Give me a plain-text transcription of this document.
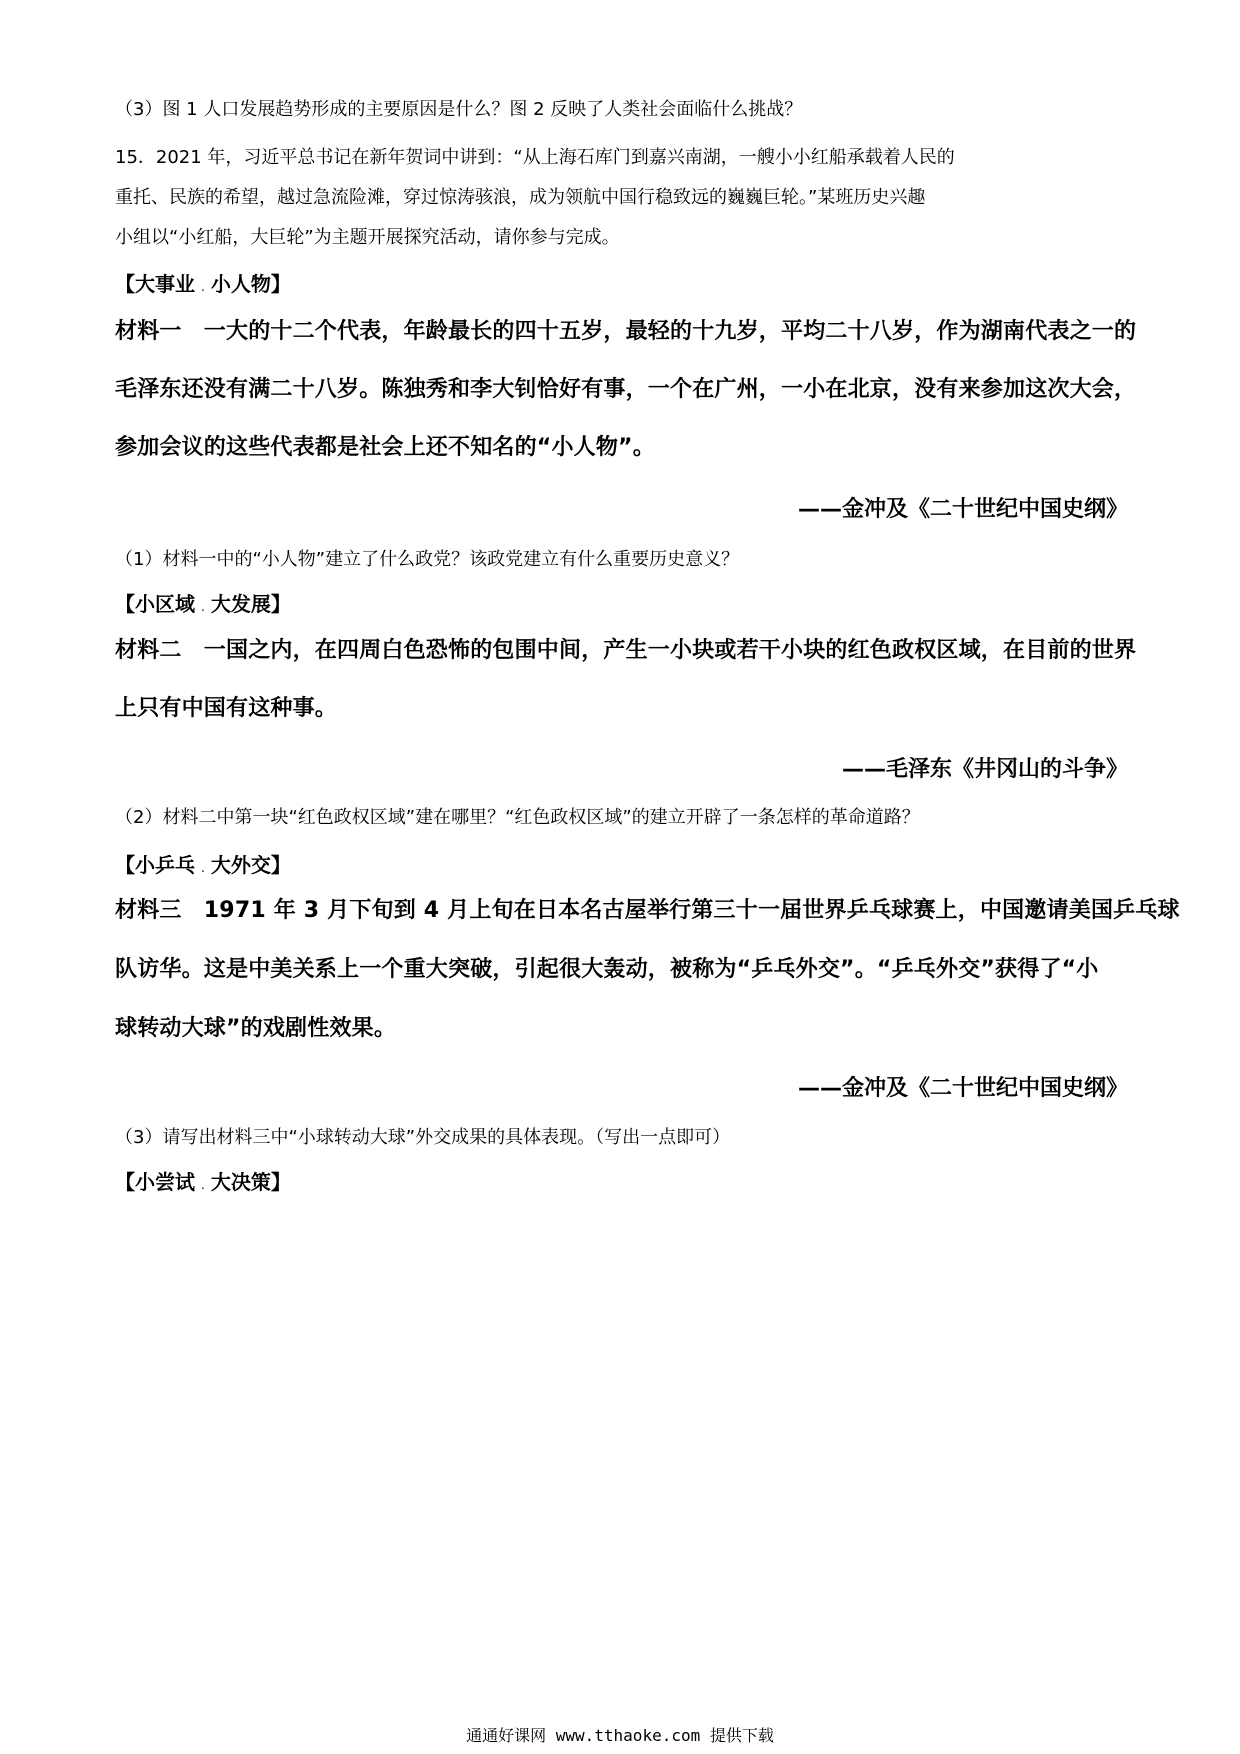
（3）图 1 人口发展趋势形成的主要原因是什么？图 2 反映了人类社会面临什么挑战？
15．2021 年，习近平总书记在新年贺词中讲到：“从上海石库门到嘉兴南湖，一艘小小红船承载着人民的
重托、民族的希望，越过急流险滩，穿过惊涛骇浪，成为领航中国行稳致远的巍巍巨轮。”某班历史兴趣
小组以“小红船，大巨轮”为主题开展探究活动，请你参与完成。
【大事业 . 小人物】
材料一　一大的十二个代表，年龄最长的四十五岁，最轻的十九岁，平均二十八岁，作为湖南代表之一的
毛泽东还没有满二十八岁。陈独秀和李大钊恰好有事，一个在广州，一小在北京，没有来参加这次大会，
参加会议的这些代表都是社会上还不知名的“小人物”。
——金冲及《二十世纪中国史纲》
（1）材料一中的“小人物”建立了什么政党？该政党建立有什么重要历史意义？
【小区域 . 大发展】
材料二　一国之内，在四周白色恐怖的包围中间，产生一小块或若干小块的红色政权区域，在目前的世界
上只有中国有这种事。
——毛泽东《井冈山的斗争》
（2）材料二中第一块“红色政权区域”建在哪里？“红色政权区域”的建立开辟了一条怎样的革命道路？
【小乒乓 . 大外交】
材料三　1971 年 3 月下旬到 4 月上旬在日本名古屋举行第三十一届世界乒乓球赛上，中国邀请美国乒乓球
队访华。这是中美关系上一个重大突破，引起很大轰动，被称为“乒乓外交”。“乒乓外交”获得了“小
球转动大球”的戏剧性效果。
——金冲及《二十世纪中国史纲》
（3）请写出材料三中“小球转动大球”外交成果的具体表现。（写出一点即可）
【小尝试 . 大决策】
通通好课网 www.tthaoke.com 提供下载
